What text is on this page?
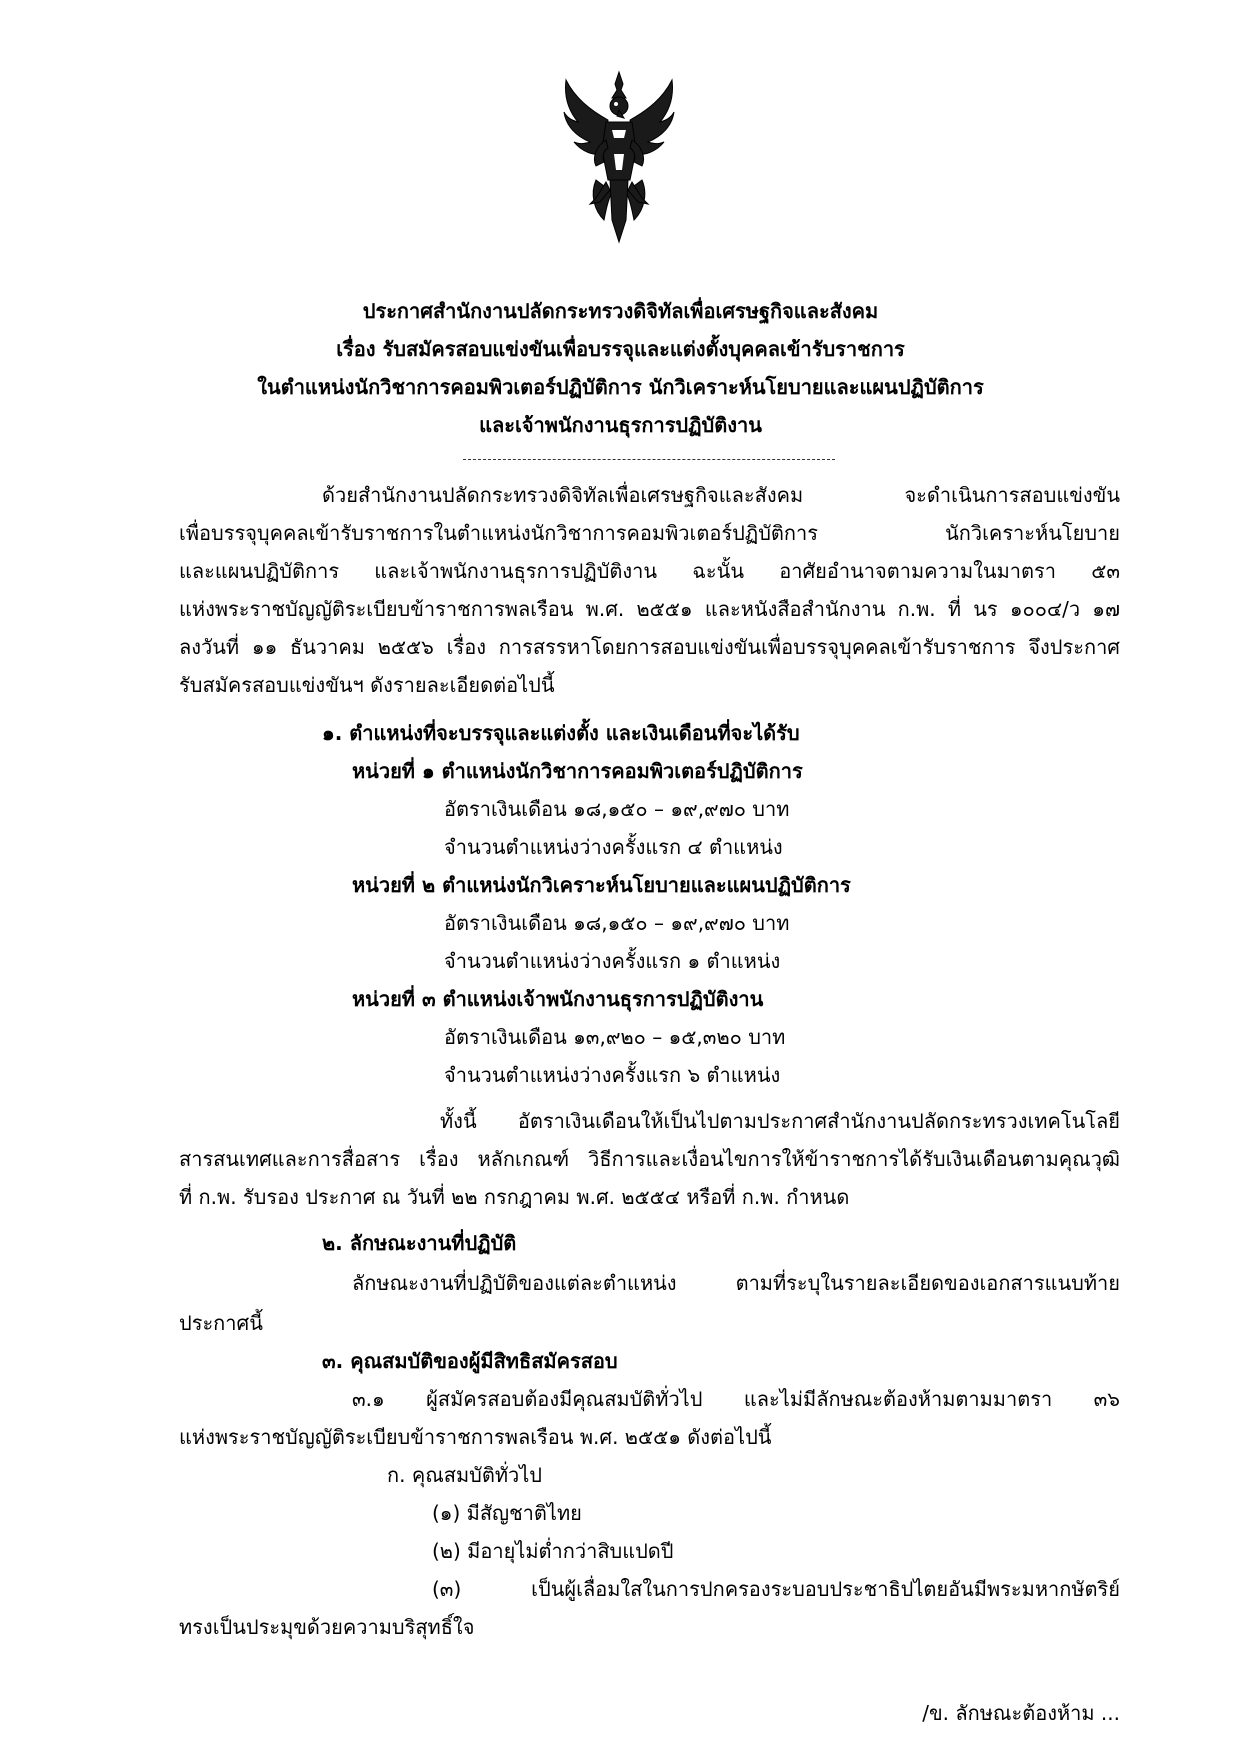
ประกาศสำนักงานปลัดกระทรวงดิจิทัลเพื่อเศรษฐกิจและสังคม
เรื่อง รับสมัครสอบแข่งขันเพื่อบรรจุและแต่งตั้งบุคคลเข้ารับราชการ
ในตำแหน่งนักวิชาการคอมพิวเตอร์ปฏิบัติการ นักวิเคราะห์นโยบายและแผนปฏิบัติการ
และเจ้าพนักงานธุรการปฏิบัติงาน
ด้วยสำนักงานปลัดกระทรวงดิจิทัลเพื่อเศรษฐกิจและสังคม จะดำเนินการสอบแข่งขัน
เพื่อบรรจุบุคคลเข้ารับราชการในตำแหน่งนักวิชาการคอมพิวเตอร์ปฏิบัติการ นักวิเคราะห์นโยบาย
และแผนปฏิบัติการ และเจ้าพนักงานธุรการปฏิบัติงาน ฉะนั้น อาศัยอำนาจตามความในมาตรา ๕๓
แห่งพระราชบัญญัติระเบียบข้าราชการพลเรือน พ.ศ. ๒๕๕๑ และหนังสือสำนักงาน ก.พ. ที่ นร ๑๐๐๔/ว ๑๗
ลงวันที่ ๑๑ ธันวาคม ๒๕๕๖ เรื่อง การสรรหาโดยการสอบแข่งขันเพื่อบรรจุบุคคลเข้ารับราชการ จึงประกาศ
รับสมัครสอบแข่งขันฯ ดังรายละเอียดต่อไปนี้
๑. ตำแหน่งที่จะบรรจุและแต่งตั้ง และเงินเดือนที่จะได้รับ
หน่วยที่ ๑ ตำแหน่งนักวิชาการคอมพิวเตอร์ปฏิบัติการ
อัตราเงินเดือน ๑๘,๑๕๐ – ๑๙,๙๗๐ บาท
จำนวนตำแหน่งว่างครั้งแรก ๔ ตำแหน่ง
หน่วยที่ ๒ ตำแหน่งนักวิเคราะห์นโยบายและแผนปฏิบัติการ
อัตราเงินเดือน ๑๘,๑๕๐ – ๑๙,๙๗๐ บาท
จำนวนตำแหน่งว่างครั้งแรก ๑ ตำแหน่ง
หน่วยที่ ๓ ตำแหน่งเจ้าพนักงานธุรการปฏิบัติงาน
อัตราเงินเดือน ๑๓,๙๒๐ – ๑๕,๓๒๐ บาท
จำนวนตำแหน่งว่างครั้งแรก ๖ ตำแหน่ง
ทั้งนี้ อัตราเงินเดือนให้เป็นไปตามประกาศสำนักงานปลัดกระทรวงเทคโนโลยี
สารสนเทศและการสื่อสาร เรื่อง หลักเกณฑ์ วิธีการและเงื่อนไขการให้ข้าราชการได้รับเงินเดือนตามคุณวุฒิ
ที่ ก.พ. รับรอง ประกาศ ณ วันที่ ๒๒ กรกฎาคม พ.ศ. ๒๕๕๔ หรือที่ ก.พ. กำหนด
๒. ลักษณะงานที่ปฏิบัติ
ลักษณะงานที่ปฏิบัติของแต่ละตำแหน่ง ตามที่ระบุในรายละเอียดของเอกสารแนบท้าย
ประกาศนี้
๓. คุณสมบัติของผู้มีสิทธิสมัครสอบ
๓.๑ ผู้สมัครสอบต้องมีคุณสมบัติทั่วไป และไม่มีลักษณะต้องห้ามตามมาตรา ๓๖
แห่งพระราชบัญญัติระเบียบข้าราชการพลเรือน พ.ศ. ๒๕๕๑ ดังต่อไปนี้
ก. คุณสมบัติทั่วไป
(๑) มีสัญชาติไทย
(๒) มีอายุไม่ต่ำกว่าสิบแปดปี
(๓) เป็นผู้เลื่อมใสในการปกครองระบอบประชาธิปไตยอันมีพระมหากษัตริย์
ทรงเป็นประมุขด้วยความบริสุทธิ์ใจ
/ข. ลักษณะต้องห้าม ...
